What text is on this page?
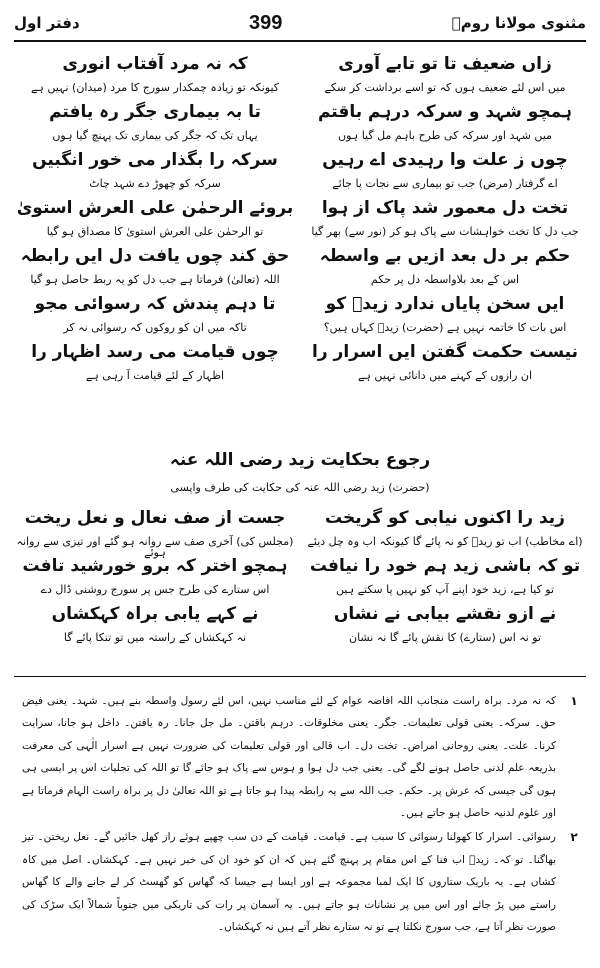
دفتر اول	399	مثنوی مولانا رومؒ
زاں ضعیف تا تو تابے آوری
کہ نہ مرد آفتاب انوری
میں اس لئے ضعیف ہوں کہ تو اسے برداشت کر سکے
کیونکہ تو زیادہ چمکدار سورج کا مرد (میدان) نہیں ہے
ہمچو شہد و سرکہ درہم باقتم
تا بہ بیماری جگر رہ یافتم
میں شہد اور سرکہ کی طرح باہم مل گیا ہوں
یہاں تک کہ جگر کی بیماری تک پہنچ گیا ہوں
چوں ز علت وا رہیدی اے رہیں
سرکہ را بگذار می خور انگبیں
اے گرفتار (مرض) جب تو بیماری سے نجات پا جائے
سرکہ کو چھوڑ دے شہد چاٹ
تخت دل معمور شد پاک از ہوا
بروئے الرحمٰن علی العرش استویٰ
جب دل کا تخت خواہشات سے پاک ہو کر (نور سے) بھر گیا
تو الرحمٰن علی العرش استویٰ کا مصداق ہو گیا
حکم بر دل بعد ازیں بے واسطہ
حق کند چوں یافت دل ایں رابطہ
اس کے بعد بلاواسطہ دل پر حکم
اللہ (تعالیٰ) فرماتا ہے جب دل کو یہ ربط حاصل ہو گیا
ایں سخن پایاں ندارد زیدؓ کو
تا دہم پندش کہ رسوائی مجو
اس بات کا خاتمہ نہیں ہے (حضرت) زیدؓ کہاں ہیں؟
تاکہ میں ان کو روکوں کہ رسوائی نہ کر
نیست حکمت گفتن ایں اسرار را
چوں قیامت می رسد اظہار را
ان رازوں کے کہنے میں دانائی نہیں ہے
اظہار کے لئے قیامت آ رہی ہے
رجوع بحکایت زید رضی اللہ عنہ
(حضرت) زید رضی اللہ عنہ کی حکایت کی طرف واپسی
زید را اکنوں نیابی کو گریخت
جست از صف نعال و نعل ریخت
(اے مخاطب) اب تو زیدؓ کو نہ پائے گا کیونکہ اب وہ چل دیئے
(مجلس کی) آخری صف سے روانہ ہو گئے اور تیزی سے روانہ ہوئے
تو کہ باشی زید ہم خود را نیافت
ہمچو اختر کہ برو خورشید تافت
تو کیا ہے، زید خود اپنے آپ کو نہیں پا سکتے ہیں
اس ستارے کی طرح جس پر سورج روشنی ڈال دے
نے ازو نقشے بیابی نے نشاں
نے کہے یابی براہ کہکشاں
تو نہ اس (ستارے) کا نقش پائے گا نہ نشان
نہ کہکشاں کے راستہ میں تو تنکا پائے گا
۱
کہ نہ مرد۔ براہ راست منجانب اللہ افاضہ عوام کے لئے مناسب نہیں، اس لئے رسول واسطہ بنے ہیں۔ شہد۔ یعنی فیض حق۔ سرکہ۔ یعنی قولی تعلیمات۔ جگر۔ یعنی مخلوقات۔ درہم باقتن۔ مل جل جانا۔ رہ یافتن۔ داخل ہو جانا، سرایت کرنا۔ علت۔ یعنی روحانی امراض۔ تخت دل۔ اب قالی اور قولی تعلیمات کی ضرورت نہیں ہے اسرار الٰہی کی معرفت بذریعہ علم لدنی حاصل ہونے لگے گی۔ یعنی جب دل ہوا و ہوس سے پاک ہو جائے گا تو اللہ کی تجلیات اس پر ایسی ہی ہوں گی جیسی کہ عرش پر۔ حکم۔ جب اللہ سے یہ رابطہ پیدا ہو جاتا ہے تو اللہ تعالیٰ دل پر براہ راست الہام فرماتا ہے اور علوم لدنیہ حاصل ہو جاتے ہیں۔
۲
رسوائی۔ اسرار کا کھولنا رسوائی کا سبب ہے۔ قیامت۔ قیامت کے دن سب چھپے ہوئے راز کھل جائیں گے۔ نعل ریختن۔ تیز بھاگنا۔ تو کہ۔ زیدؓ اب فنا کے اس مقام پر پہنچ گئے ہیں کہ ان کو خود ان کی خبر نہیں ہے۔ کہکشاں۔ اصل میں کاہ کشاں ہے۔ یہ باریک ستاروں کا ایک لمبا مجموعہ ہے اور ایسا ہے جیسا کہ گھاس کو گھسٹ کر لے جانے والے کا گھاس راستے میں پڑ جائے اور اس میں پر نشانات ہو جاتے ہیں۔ یہ آسمان پر رات کی تاریکی میں جنوباً شمالاً ایک سڑک کی صورت نظر آتا ہے، جب سورج نکلتا ہے تو نہ ستارے نظر آتے ہیں نہ کہکشاں۔
